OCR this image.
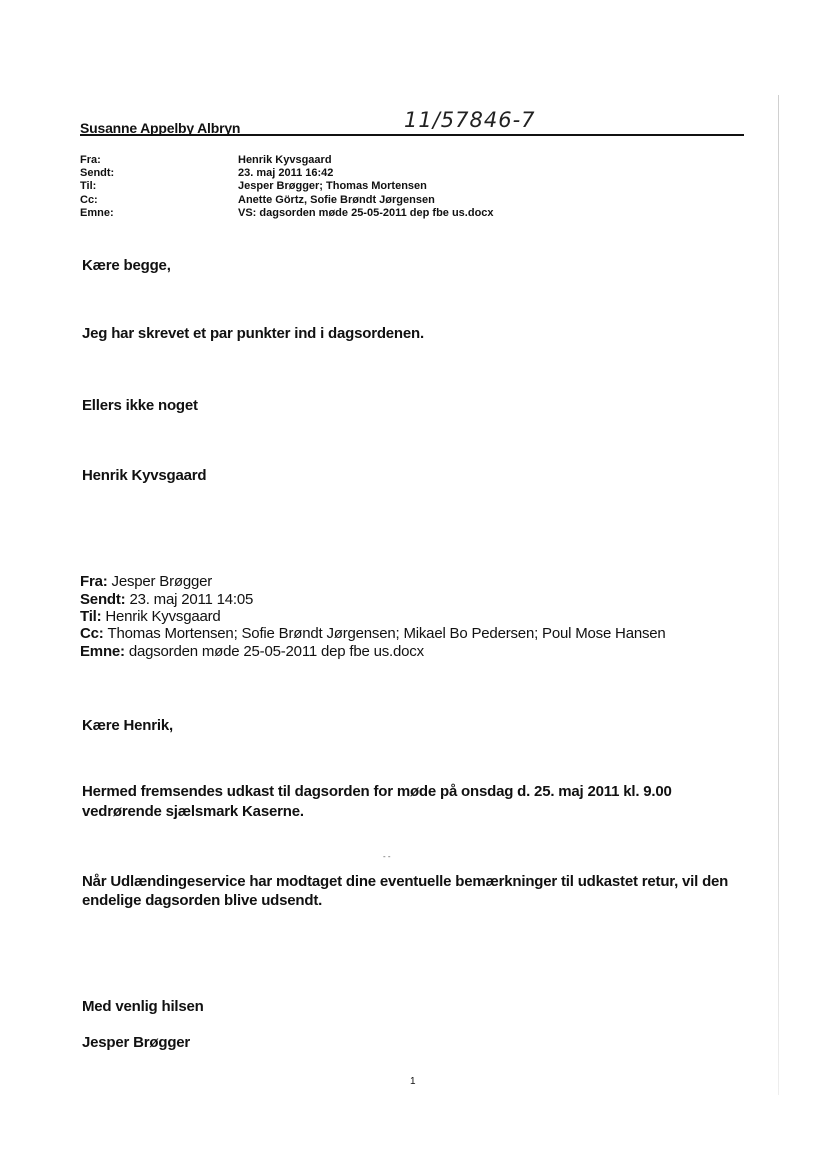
Susanne Appelby Albryn	11/57846-7
Fra:	Henrik Kyvsgaard
Sendt:	23. maj 2011 16:42
Til:	Jesper Brøgger; Thomas Mortensen
Cc:	Anette Görtz, Sofie Brøndt Jørgensen
Emne:	VS: dagsorden møde 25-05-2011 dep fbe us.docx
Kære begge,
Jeg har skrevet et par punkter ind i dagsordenen.
Ellers ikke noget
Henrik Kyvsgaard
Fra: Jesper Brøgger
Sendt: 23. maj 2011 14:05
Til: Henrik Kyvsgaard
Cc: Thomas Mortensen; Sofie Brøndt Jørgensen; Mikael Bo Pedersen; Poul Mose Hansen
Emne: dagsorden møde 25-05-2011 dep fbe us.docx
Kære Henrik,
Hermed fremsendes udkast til dagsorden for møde på onsdag d. 25. maj 2011 kl. 9.00
vedrørende sjælsmark Kaserne.
- -
Når Udlændingeservice har modtaget dine eventuelle bemærkninger til udkastet retur, vil den
endelige dagsorden blive udsendt.
Med venlig hilsen
Jesper Brøgger
1
